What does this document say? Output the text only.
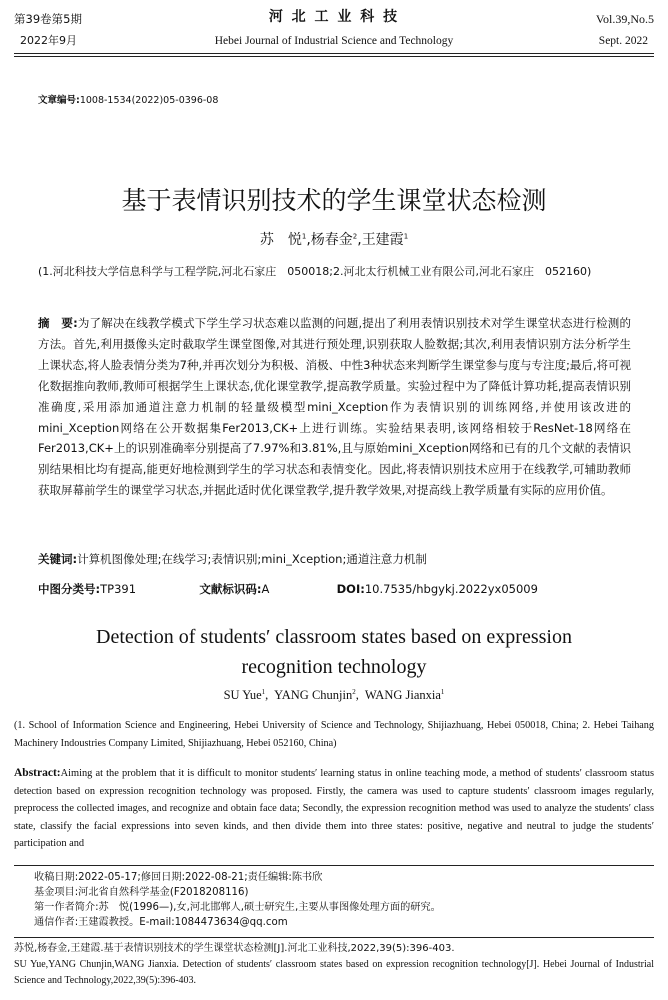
第39卷第5期
2022年9月
河 北 工 业 科 技
Hebei Journal of Industrial Science and Technology
Vol.39,No.5
Sept. 2022
文章编号:1008-1534(2022)05-0396-08
基于表情识别技术的学生课堂状态检测
苏　悦$^1$,杨春金$^2$,王建霞$^1$
(1.河北科技大学信息科学与工程学院,河北石家庄　050018;2.河北太行机械工业有限公司,河北石家庄　052160)
摘　要:为了解决在线教学模式下学生学习状态难以监测的问题,提出了利用表情识别技术对学生课堂状态进行检测的方法。首先,利用摄像头定时截取学生课堂图像,对其进行预处理,识别获取人脸数据;其次,利用表情识别方法分析学生上课状态,将人脸表情分类为7种,并再次划分为积极、消极、中性3种状态来判断学生课堂参与度与专注度;最后,将可视化数据推向教师,教师可根据学生上课状态,优化课堂教学,提高教学质量。实验过程中为了降低计算功耗,提高表情识别准确度,采用添加通道注意力机制的轻量级模型mini_Xception作为表情识别的训练网络,并使用该改进的mini_Xception网络在公开数据集Fer2013,CK+上进行训练。实验结果表明,该网络相较于ResNet-18网络在Fer2013,CK+上的识别准确率分别提高了7.97%和3.81%,且与原始mini_Xception网络和已有的几个文献的表情识别结果相比均有提高,能更好地检测到学生的学习状态和表情变化。因此,将表情识别技术应用于在线教学,可辅助教师获取屏幕前学生的课堂学习状态,并据此适时优化课堂教学,提升教学效果,对提高线上教学质量有实际的应用价值。
关键词:计算机图像处理;在线学习;表情识别;mini_Xception;通道注意力机制
中图分类号:TP391	文献标识码:A	DOI:10.7535/hbgykj.2022yx05009
Detection of students′ classroom states based on expression
recognition technology
SU Yue$^1$,  YANG Chunjin$^2$,  WANG Jianxia$^1$
(1. School of Information Science and Engineering, Hebei University of Science and Technology, Shijiazhuang, Hebei 050018, China; 2. Hebei Taihang Machinery Indoustries Company Limited, Shijiazhuang, Hebei 052160, China)
Abstract:Aiming at the problem that it is difficult to monitor students′ learning status in online teaching mode, a method of students′ classroom status detection based on expression recognition technology was proposed. Firstly, the camera was used to capture students′ classroom images regularly, preprocess the collected images, and recognize and obtain face data; Secondly, the expression recognition method was used to analyze the students′ class state, classify the facial expressions into seven kinds, and then divide them into three states: positive, negative and neutral to judge the students′ participation and
收稿日期:2022-05-17;修回日期:2022-08-21;责任编辑:陈书欣
基金项目:河北省自然科学基金(F2018208116)
第一作者简介:苏　悦(1996—),女,河北邯郸人,硕士研究生,主要从事图像处理方面的研究。
通信作者:王建霞教授。E-mail:1084473634@qq.com
苏悦,杨春金,王建霞.基于表情识别技术的学生课堂状态检测[J].河北工业科技,2022,39(5):396-403.
SU Yue,YANG Chunjin,WANG Jianxia. Detection of students′ classroom states based on expression recognition technology[J]. Hebei Journal of Industrial Science and Technology,2022,39(5):396-403.
